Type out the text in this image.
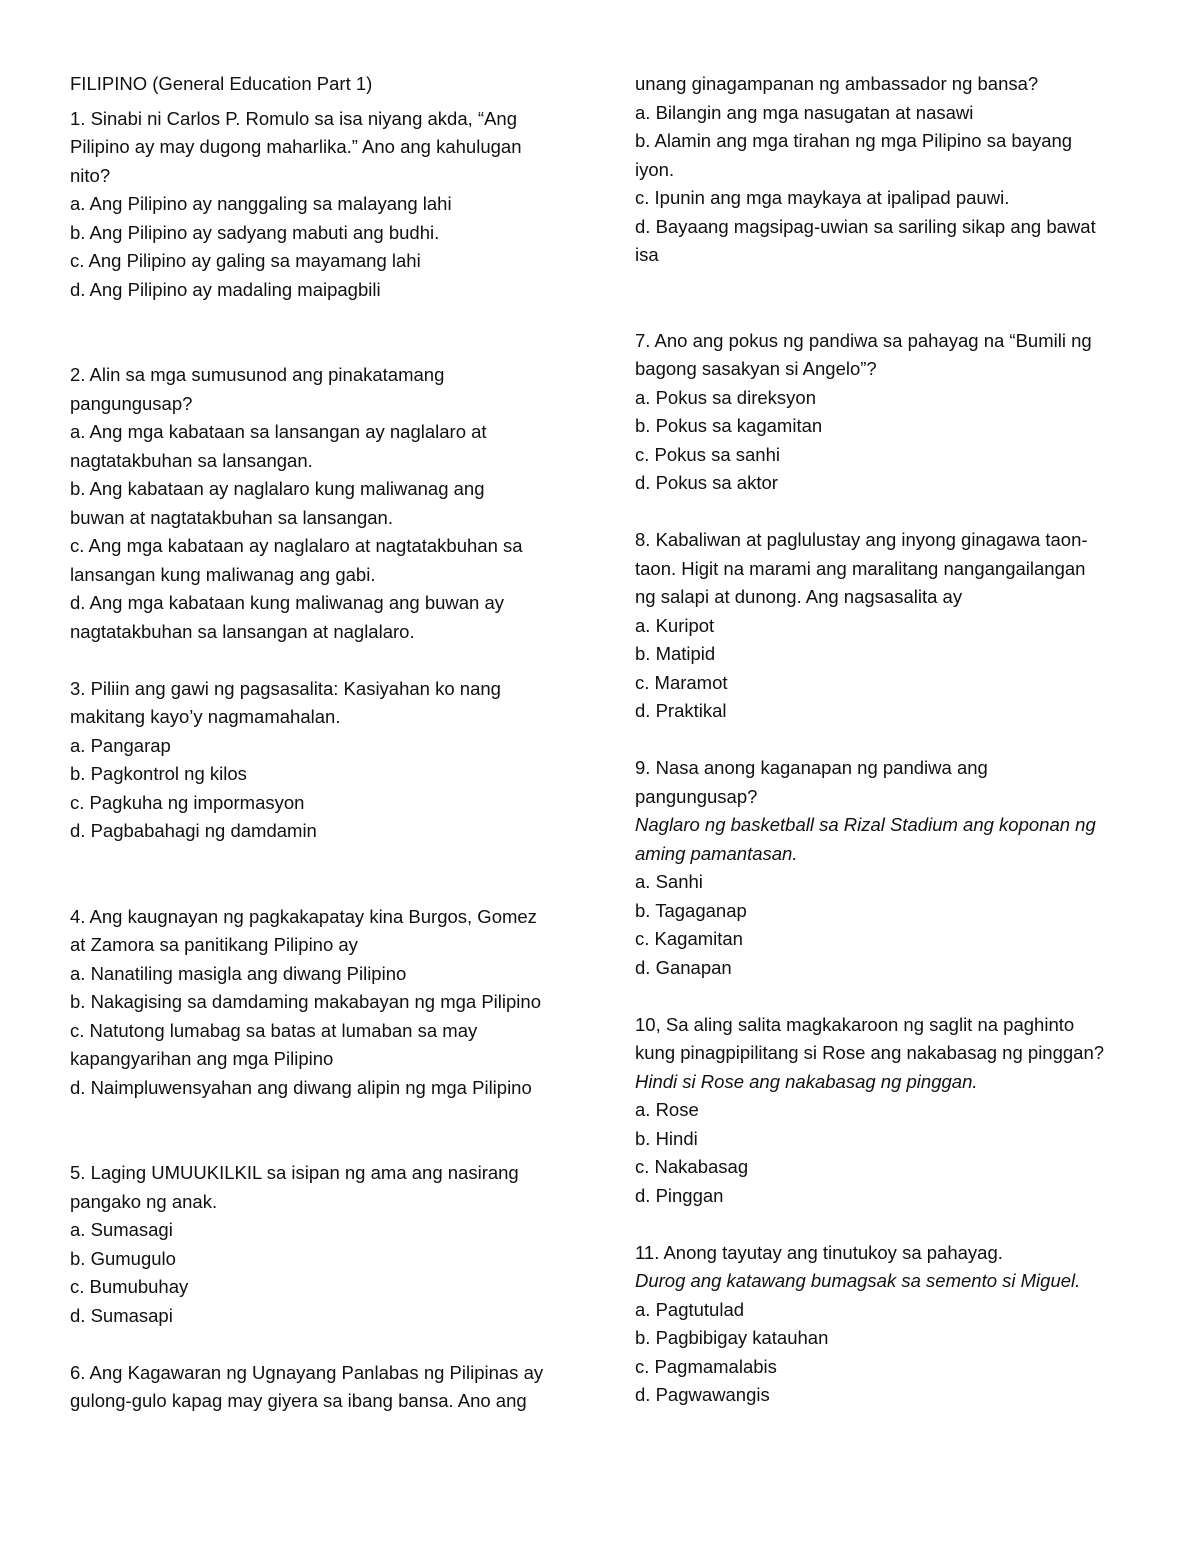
FILIPINO (General Education Part 1)
1. Sinabi ni Carlos P. Romulo sa isa niyang akda, “Ang
Pilipino ay may dugong maharlika.” Ano ang kahulugan
nito?
a. Ang Pilipino ay nanggaling sa malayang lahi
b. Ang Pilipino ay sadyang mabuti ang budhi.
c. Ang Pilipino ay galing sa mayamang lahi
d. Ang Pilipino ay madaling maipagbili
2. Alin sa mga sumusunod ang pinakatamang
pangungusap?
a. Ang mga kabataan sa lansangan ay naglalaro at
nagtatakbuhan sa lansangan.
b. Ang kabataan ay naglalaro kung maliwanag ang
buwan at nagtatakbuhan sa lansangan.
c. Ang mga kabataan ay naglalaro at nagtatakbuhan sa
lansangan kung maliwanag ang gabi.
d. Ang mga kabataan kung maliwanag ang buwan ay
nagtatakbuhan sa lansangan at naglalaro.
3. Piliin ang gawi ng pagsasalita: Kasiyahan ko nang
makitang kayo’y nagmamahalan.
a. Pangarap
b. Pagkontrol ng kilos
c. Pagkuha ng impormasyon
d. Pagbabahagi ng damdamin
4. Ang kaugnayan ng pagkakapatay kina Burgos, Gomez
at Zamora sa panitikang Pilipino ay
a. Nanatiling masigla ang diwang Pilipino
b. Nakagising sa damdaming makabayan ng mga Pilipino
c. Natutong lumabag sa batas at lumaban sa may
kapangyarihan ang mga Pilipino
d. Naimpluwensyahan ang diwang alipin ng mga Pilipino
5. Laging UMUUKILKIL sa isipan ng ama ang nasirang
pangako ng anak.
a. Sumasagi
b. Gumugulo
c. Bumubuhay
d. Sumasapi
6. Ang Kagawaran ng Ugnayang Panlabas ng Pilipinas ay
gulong-gulo kapag may giyera sa ibang bansa. Ano ang
unang ginagampanan ng ambassador ng bansa?
a. Bilangin ang mga nasugatan at nasawi
b. Alamin ang mga tirahan ng mga Pilipino sa bayang
iyon.
c. Ipunin ang mga maykaya at ipalipad pauwi.
d. Bayaang magsipag-uwian sa sariling sikap ang bawat
isa
7. Ano ang pokus ng pandiwa sa pahayag na “Bumili ng
bagong sasakyan si Angelo”?
a. Pokus sa direksyon
b. Pokus sa kagamitan
c. Pokus sa sanhi
d. Pokus sa aktor
8. Kabaliwan at paglulustay ang inyong ginagawa taon-
taon. Higit na marami ang maralitang nangangailangan
ng salapi at dunong. Ang nagsasalita ay
a. Kuripot
b. Matipid
c. Maramot
d. Praktikal
9. Nasa anong kaganapan ng pandiwa ang
pangungusap?
Naglaro ng basketball sa Rizal Stadium ang koponan ng
aming pamantasan.
a. Sanhi
b. Tagaganap
c. Kagamitan
d. Ganapan
10, Sa aling salita magkakaroon ng saglit na paghinto
kung pinagpipilitang si Rose ang nakabasag ng pinggan?
Hindi si Rose ang nakabasag ng pinggan.
a. Rose
b. Hindi
c. Nakabasag
d. Pinggan
11. Anong tayutay ang tinutukoy sa pahayag.
Durog ang katawang bumagsak sa semento si Miguel.
a. Pagtutulad
b. Pagbibigay katauhan
c. Pagmamalabis
d. Pagwawangis
